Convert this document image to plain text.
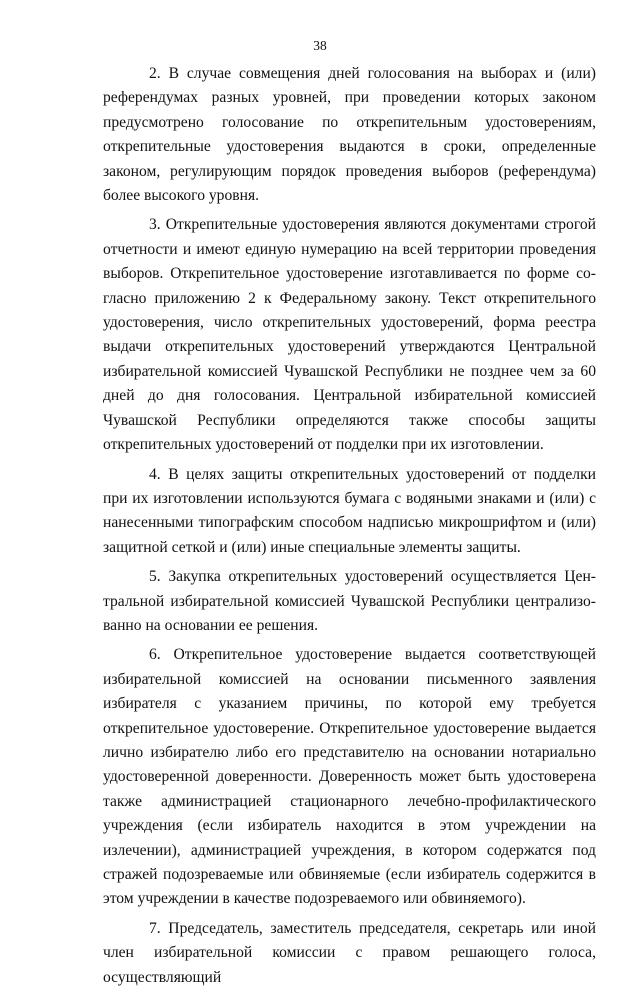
38

2. В случае совмещения дней голосования на выборах и (или) референдумах разных уровней, при проведении которых законом предусмотрено голосование по открепительным удостоверениям, открепительные удостоверения выдаются в сроки, определенные законом, регулирующим порядок проведения выборов (референдума) более высокого уровня.

3. Открепительные удостоверения являются документами строгой отчетности и имеют единую нумерацию на всей территории проведения выборов. Открепительное удостоверение изготавливается по форме согласно приложению 2 к Федеральному закону. Текст открепительного удостоверения, число открепительных удостоверений, форма реестра выдачи открепительных удостоверений утверждаются Центральной избирательной комиссией Чувашской Республики не позднее чем за 60 дней до дня голосования. Центральной избирательной комиссией Чувашской Республики определяются также способы защиты открепительных удостоверений от подделки при их изготовлении.

4. В целях защиты открепительных удостоверений от подделки при их изготовлении используются бумага с водяными знаками и (или) с нанесенными типографским способом надписью микрошрифтом и (или) защитной сеткой и (или) иные специальные элементы защиты.

5. Закупка открепительных удостоверений осуществляется Центральной избирательной комиссией Чувашской Республики централизованно на основании ее решения.

6. Открепительное удостоверение выдается соответствующей избирательной комиссией на основании письменного заявления избирателя с указанием причины, по которой ему требуется открепительное удостоверение. Открепительное удостоверение выдается лично избирателю либо его представителю на основании нотариально удостоверенной доверенности. Доверенность может быть удостоверена также администрацией стационарного лечебно-профилактического учреждения (если избиратель находится в этом учреждении на излечении), администрацией учреждения, в котором содержатся под стражей подозреваемые или обвиняемые (если избиратель содержится в этом учреждении в качестве подозреваемого или обвиняемого).

7. Председатель, заместитель председателя, секретарь или иной член избирательной комиссии с правом решающего голоса, осуществляющий
